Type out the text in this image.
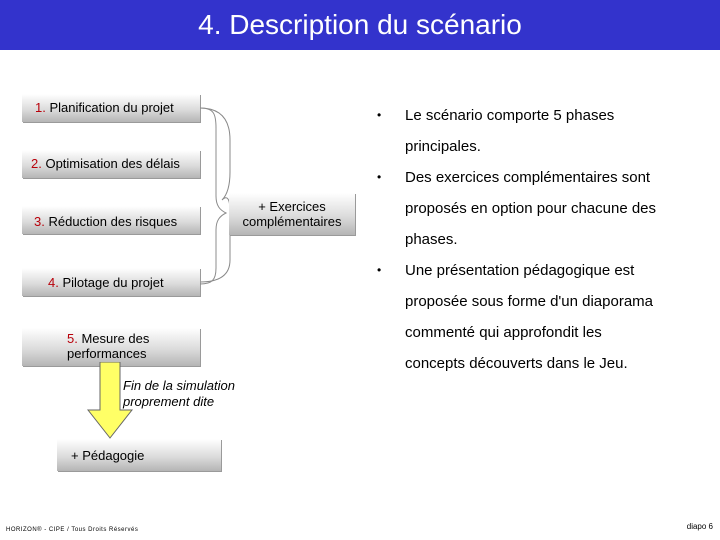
4. Description du scénario
1. Planification du projet
2. Optimisation des délais
3. Réduction des risques
4. Pilotage du projet
5. Mesure des
performances
+ Exercices
complémentaires
Fin de la simulation
proprement dite
+ Pédagogie
• Le scénario comporte 5 phases
principales.
• Des exercices complémentaires sont
proposés en option pour chacune des
phases.
• Une présentation pédagogique est
proposée sous forme d'un diaporama
commenté qui approfondit les
concepts découverts dans le Jeu.
HORIZON® - CIPE / Tous Droits Réservés	diapo 6
